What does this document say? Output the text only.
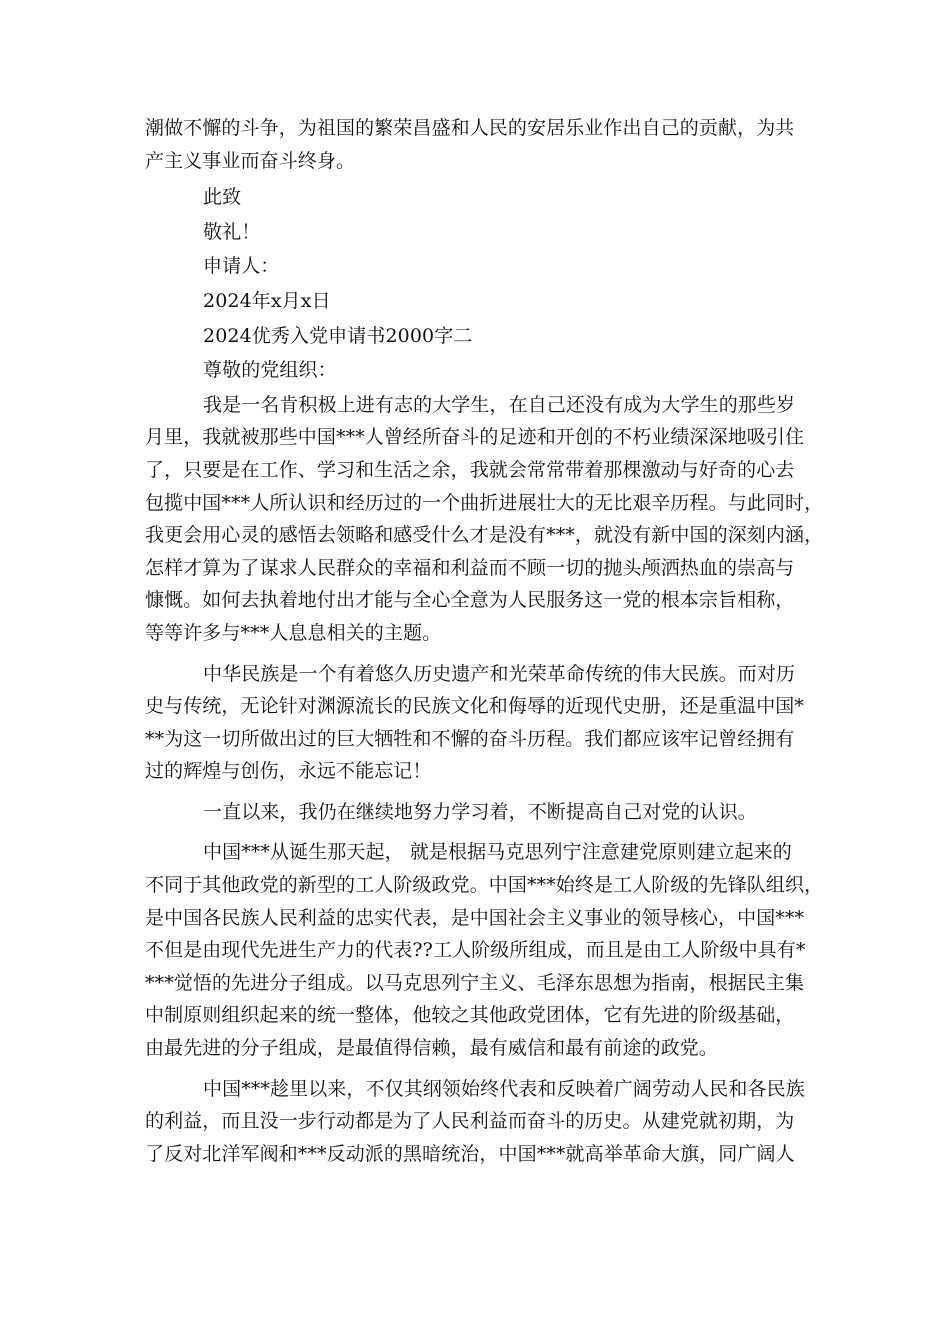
潮做不懈的斗争，为祖国的繁荣昌盛和人民的安居乐业作出自己的贡献，为共
产主义事业而奋斗终身。
此致
敬礼！
申请人：
2024年x月x日
2024优秀入党申请书2000字二
尊敬的党组织：
我是一名肯积极上进有志的大学生，在自己还没有成为大学生的那些岁
月里，我就被那些中国***人曾经所奋斗的足迹和开创的不朽业绩深深地吸引住
了，只要是在工作、学习和生活之余，我就会常常带着那棵激动与好奇的心去
包揽中国***人所认识和经历过的一个曲折进展壮大的无比艰辛历程。与此同时，
我更会用心灵的感悟去领略和感受什么才是没有***，就没有新中国的深刻内涵，
怎样才算为了谋求人民群众的幸福和利益而不顾一切的抛头颅洒热血的崇高与
慷慨。如何去执着地付出才能与全心全意为人民服务这一党的根本宗旨相称，
等等许多与***人息息相关的主题。
中华民族是一个有着悠久历史遗产和光荣革命传统的伟大民族。而对历
史与传统，无论针对渊源流长的民族文化和侮辱的近现代史册，还是重温中国*
**为这一切所做出过的巨大牺牲和不懈的奋斗历程。我们都应该牢记曾经拥有
过的辉煌与创伤，永远不能忘记！
一直以来，我仍在继续地努力学习着，不断提高自己对党的认识。
中国***从诞生那天起， 就是根据马克思列宁注意建党原则建立起来的
不同于其他政党的新型的工人阶级政党。中国***始终是工人阶级的先锋队组织，
是中国各民族人民利益的忠实代表，是中国社会主义事业的领导核心，中国***
不但是由现代先进生产力的代表??工人阶级所组成，而且是由工人阶级中具有*
***觉悟的先进分子组成。以马克思列宁主义、毛泽东思想为指南，根据民主集
中制原则组织起来的统一整体，他较之其他政党团体，它有先进的阶级基础，
由最先进的分子组成，是最值得信赖，最有威信和最有前途的政党。
中国***趁里以来，不仅其纲领始终代表和反映着广阔劳动人民和各民族
的利益，而且没一步行动都是为了人民利益而奋斗的历史。从建党就初期，为
了反对北洋军阀和***反动派的黑暗统治，中国***就高举革命大旗，同广阔人
